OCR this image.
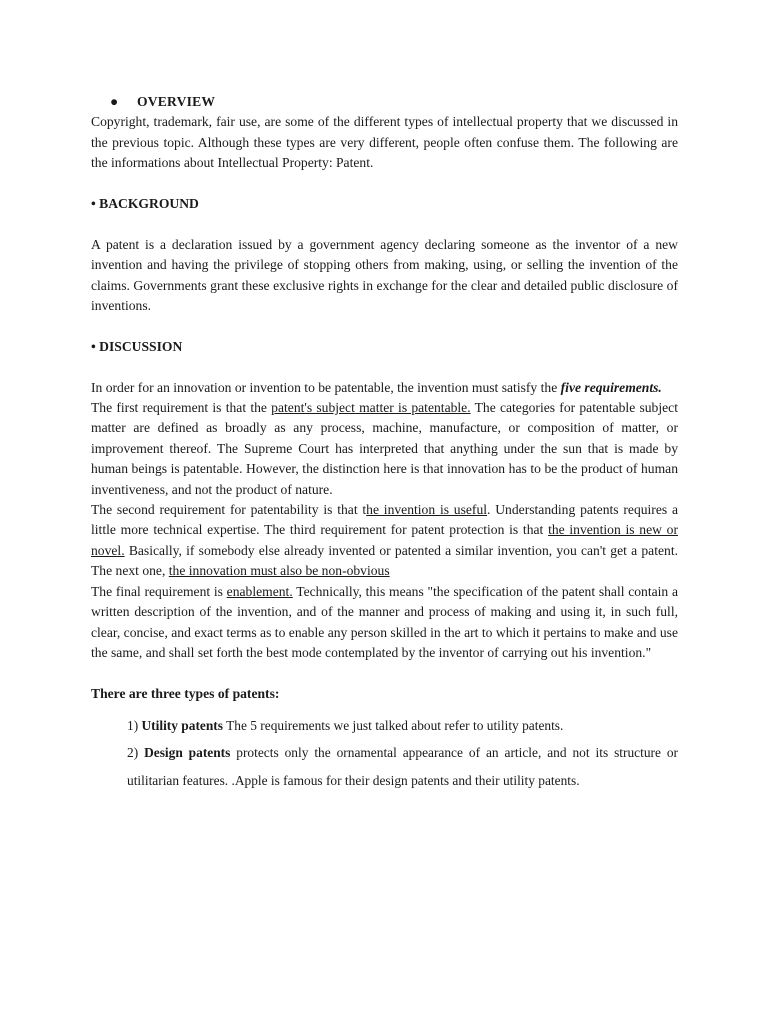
● OVERVIEW

Copyright, trademark, fair use, are some of the different types of intellectual property that we discussed in the previous topic. Although these types are very different, people often confuse them. The following are the informations about Intellectual Property: Patent.

• BACKGROUND

A patent is a declaration issued by a government agency declaring someone as the inventor of a new invention and having the privilege of stopping others from making, using, or selling the invention of the claims. Governments grant these exclusive rights in exchange for the clear and detailed public disclosure of inventions.

• DISCUSSION

In order for an innovation or invention to be patentable, the invention must satisfy the five requirements.

The first requirement is that the patent's subject matter is patentable. The categories for patentable subject matter are defined as broadly as any process, machine, manufacture, or composition of matter, or improvement thereof. The Supreme Court has interpreted that anything under the sun that is made by human beings is patentable. However, the distinction here is that innovation has to be the product of human inventiveness, and not the product of nature.

The second requirement for patentability is that the invention is useful. Understanding patents requires a little more technical expertise. The third requirement for patent protection is that the invention is new or novel. Basically, if somebody else already invented or patented a similar invention, you can't get a patent. The next one, the innovation must also be non-obvious

The final requirement is enablement. Technically, this means "the specification of the patent shall contain a written description of the invention, and of the manner and process of making and using it, in such full, clear, concise, and exact terms as to enable any person skilled in the art to which it pertains to make and use the same, and shall set forth the best mode contemplated by the inventor of carrying out his invention."

There are three types of patents:

1) Utility patents The 5 requirements we just talked about refer to utility patents.

2) Design patents protects only the ornamental appearance of an article, and not its structure or utilitarian features. .Apple is famous for their design patents and their utility patents.
